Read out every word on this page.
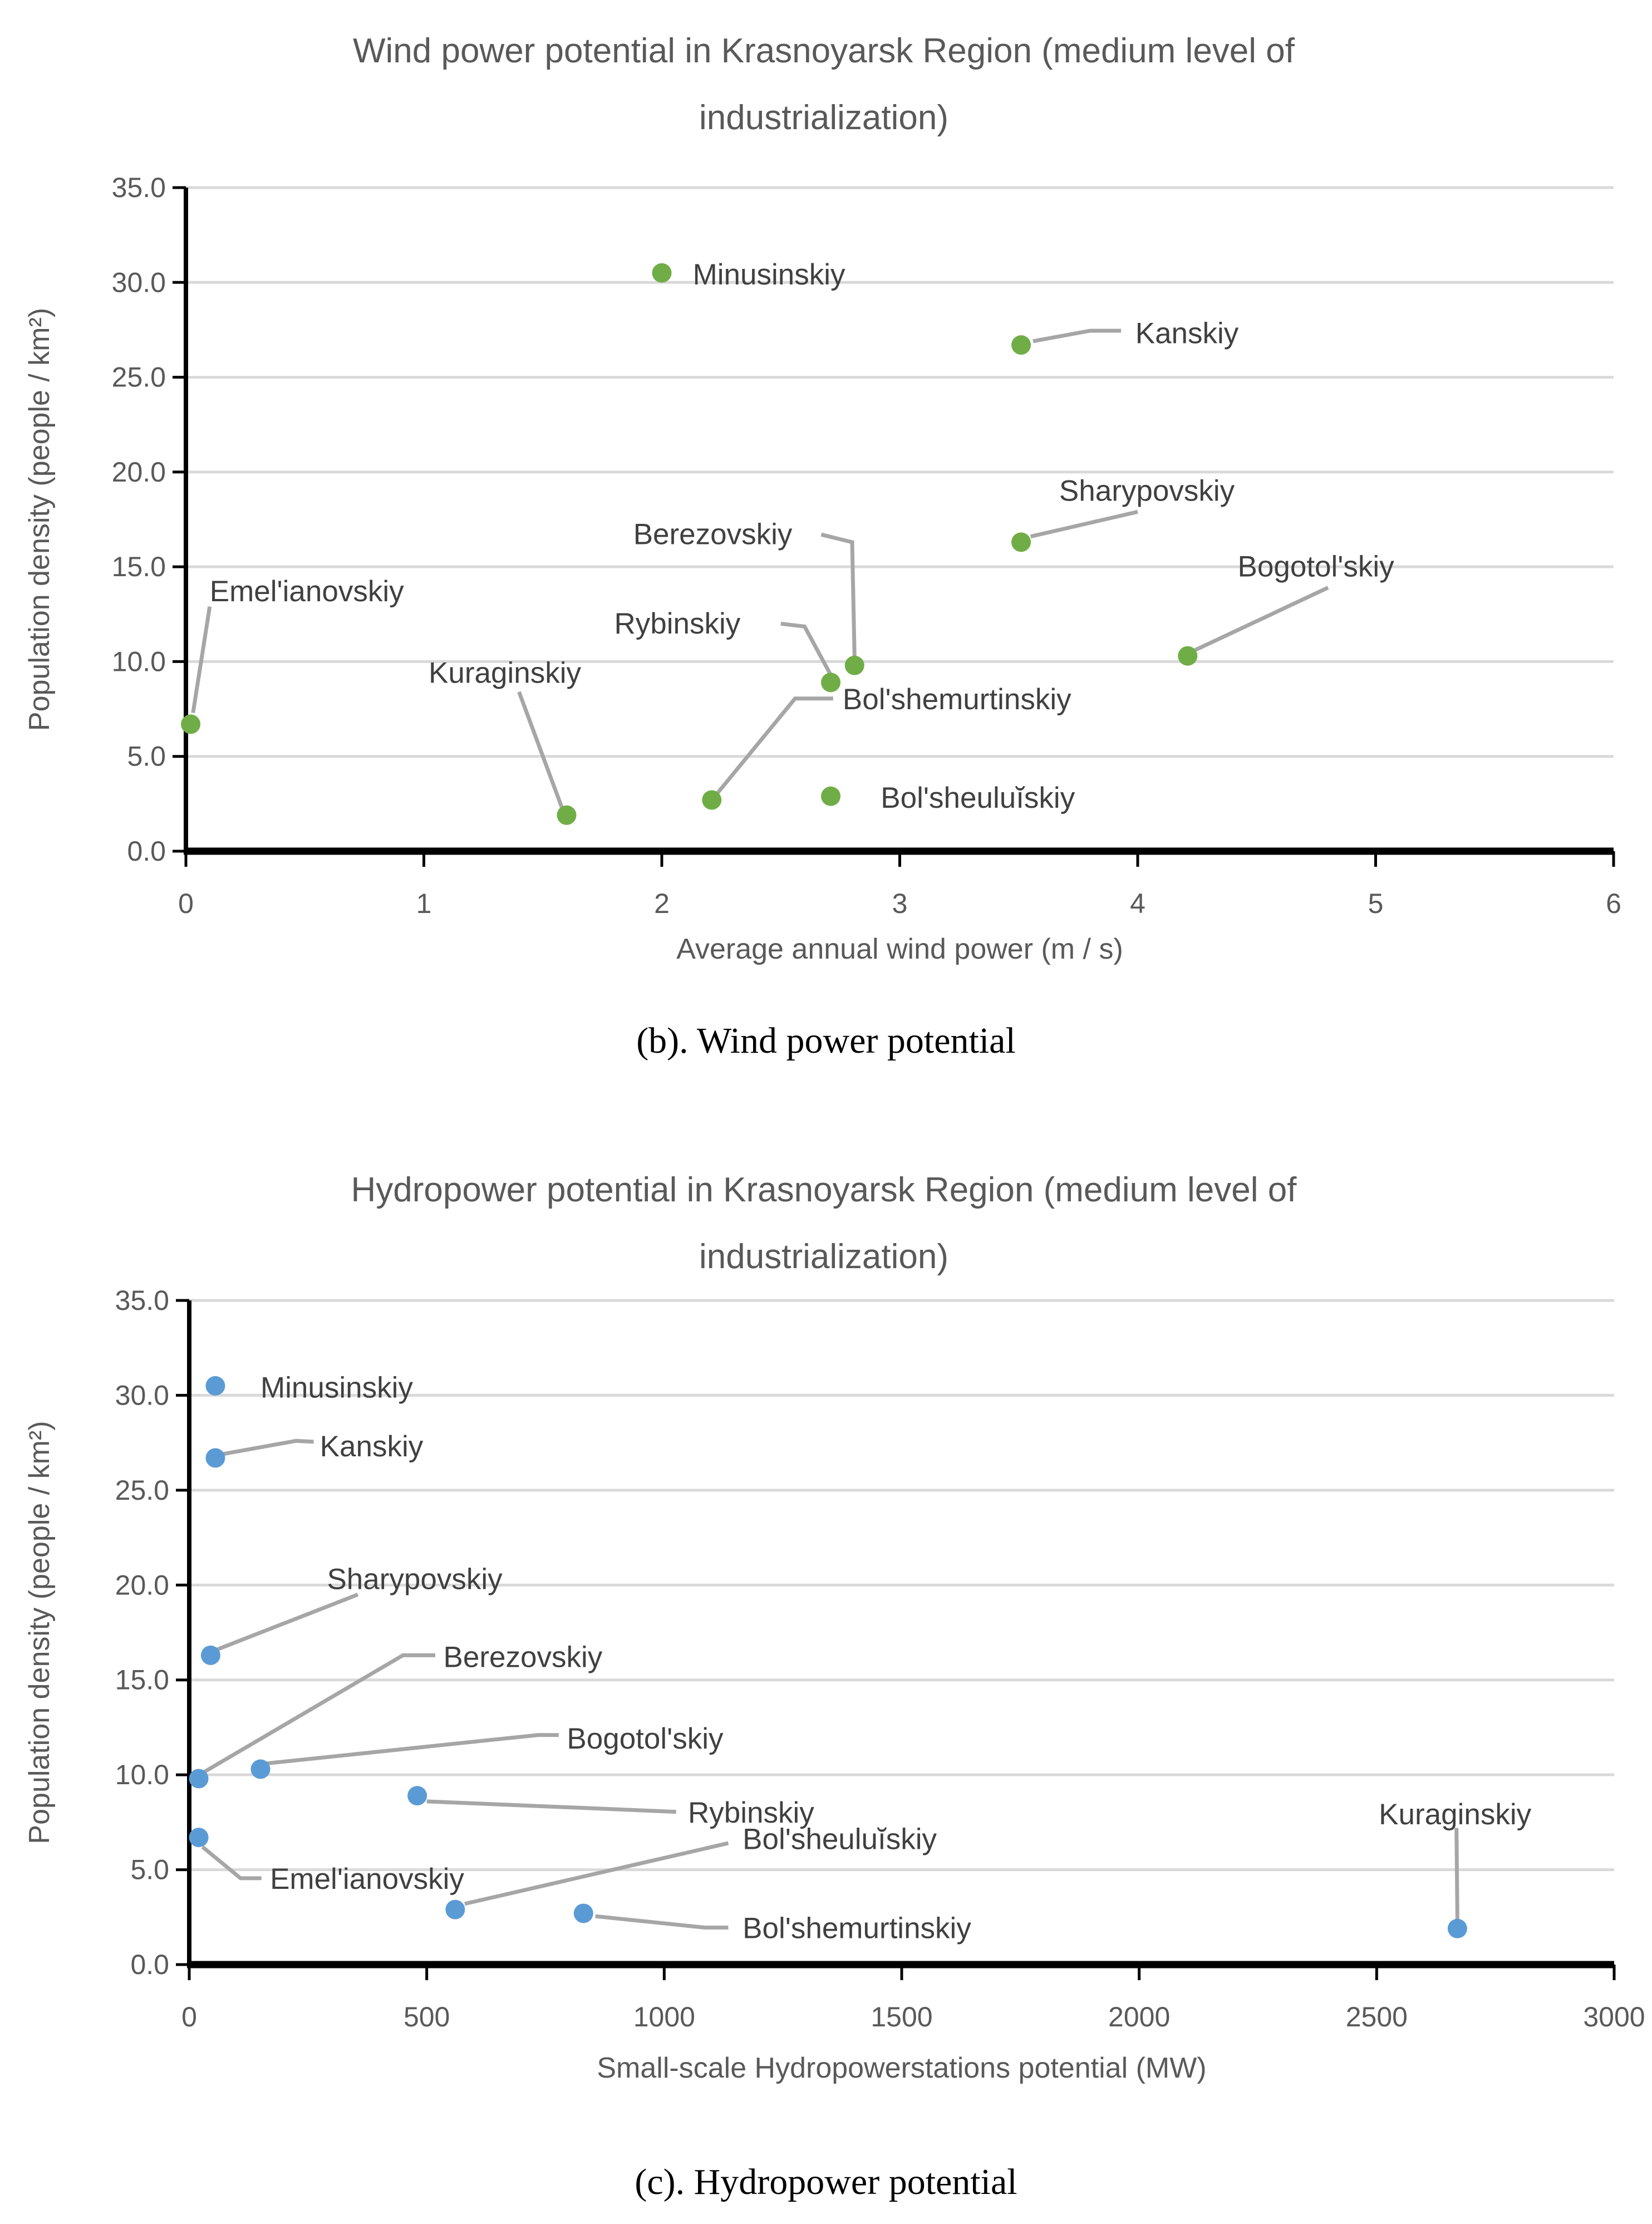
Wind power potential in Krasnoyarsk Region (medium level of
industrialization)
0.0
5.0
10.0
15.0
20.0
25.0
30.0
35.0
0	1	2	3	4	5	6
Average annual wind power (m / s)
Population density (people / km²)	Emel'ianovskiy
Kuraginskiy
Minusinskiy
Bol'shemurtinskiy
Rybinskiy
Bol'sheuluĭskiy
Berezovskiy
Kanskiy
Sharypovskiy
Bogotol'skiy
(b). Wind power potential
Hydropower potential in Krasnoyarsk Region (medium level of
industrialization)
0.0
5.0
10.0
15.0
20.0
25.0
30.0
35.0
0	500	1000	1500	2000	2500	3000
Small-scale Hydropowerstations potential (MW)
Population density (people / km²)
Minusinskiy
Kanskiy
Sharypovskiy
Berezovskiy
Bogotol'skiy
Rybinskiy
Emel'ianovskiy
Bol'sheuluĭskiy
Bol'shemurtinskiy
Kuraginskiy
(c). Hydropower potential
